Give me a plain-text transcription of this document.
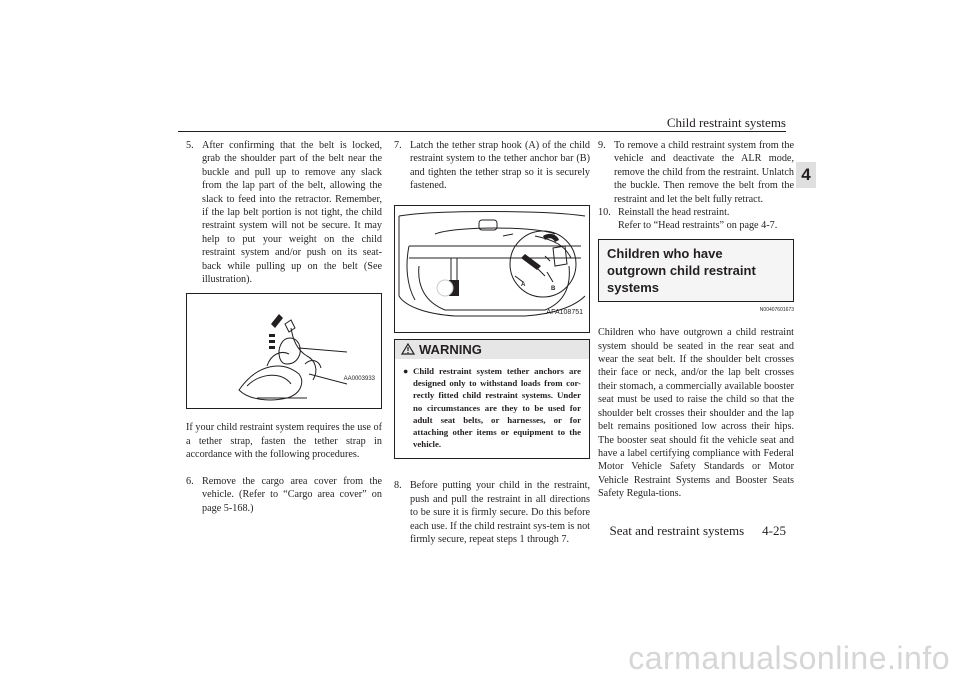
Child restraint systems
4
5. After confirming that the belt is locked, grab the shoulder part of the belt near the buckle and pull up to remove any slack from the lap part of the belt, allowing the slack to feed into the retractor. Remember, if the lap belt portion is not tight, the child restraint system will not be secure. It may help to put your weight on the child restraint system and/or push on its seat-back while pulling up on the belt (See illustration).
AA0003933

If your child restraint system requires the use of a tether strap, fasten the tether strap in accordance with the following procedures.

6. Remove the cargo area cover from the vehicle. (Refer to “Cargo area cover” on page 5-168.)
7. Latch the tether strap hook (A) of the child restraint system to the tether anchor bar (B) and tighten the tether strap so it is securely fastened.
A
B
AFA108751
WARNING
● Child restraint system tether anchors are designed only to withstand loads from cor-rectly fitted child restraint systems. Under no circumstances are they to be used for adult seat belts, or harnesses, or for attaching other items or equipment to the vehicle.
8. Before putting your child in the restraint, push and pull the restraint in all directions to be sure it is firmly secure. Do this before each use. If the child restraint sys-tem is not firmly secure, repeat steps 1 through 7.
9. To remove a child restraint system from the vehicle and deactivate the ALR mode, remove the child from the restraint. Unlatch the buckle. Then remove the belt from the restraint and let the belt fully retract.
10. Reinstall the head restraint.
Refer to “Head restraints” on page 4-7.
Children who have outgrown child restraint systems
N00407601673

Children who have outgrown a child restraint system should be seated in the rear seat and wear the seat belt. If the shoulder belt crosses their face or neck, and/or the lap belt crosses their stomach, a commercially available booster seat must be used to raise the child so that the shoulder belt crosses their shoulder and the lap belt remains positioned low across their hips. The booster seat should fit the vehicle seat and have a label certifying compliance with Federal Motor Vehicle Safety Standards or Motor Vehicle Restraint Systems and Booster Seats Safety Regula-tions.

Seat and restraint systems 4-25
carmanualsonline.info
